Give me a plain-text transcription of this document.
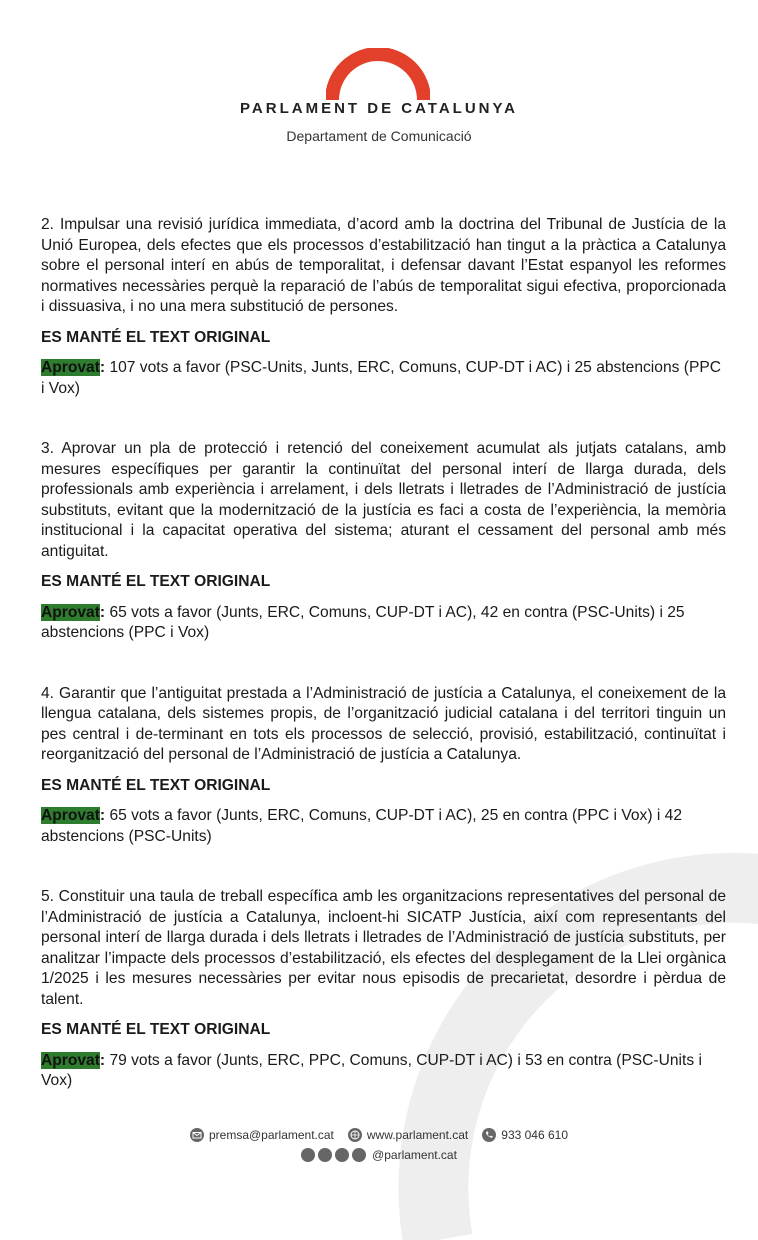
PARLAMENT DE CATALUNYA
Departament de Comunicació

2. Impulsar una revisió jurídica immediata, d’acord amb la doctrina del Tribunal de Justícia de la Unió Europea, dels efectes que els processos d’estabilització han tingut a la pràctica a Catalunya sobre el personal interí en abús de temporalitat, i defensar davant l’Estat espanyol les reformes normatives necessàries perquè la reparació de l’abús de temporalitat sigui efectiva, proporcionada i dissuasiva, i no una mera substitució de persones.

ES MANTÉ EL TEXT ORIGINAL

Aprovat: 107 vots a favor (PSC-Units, Junts, ERC, Comuns, CUP-DT i AC) i 25 abstencions (PPC i Vox)

3. Aprovar un pla de protecció i retenció del coneixement acumulat als jutjats catalans, amb mesures específiques per garantir la continuïtat del personal interí de llarga durada, dels professionals amb experiència i arrelament, i dels lletrats i lletrades de l’Administració de justícia substituts, evitant que la modernització de la justícia es faci a costa de l’experiència, la memòria institucional i la capacitat operativa del sistema; aturant el cessament del personal amb més antiguitat.

ES MANTÉ EL TEXT ORIGINAL

Aprovat: 65 vots a favor (Junts, ERC, Comuns, CUP-DT i AC), 42 en contra (PSC-Units) i 25 abstencions (PPC i Vox)

4. Garantir que l’antiguitat prestada a l’Administració de justícia a Catalunya, el coneixement de la llengua catalana, dels sistemes propis, de l’organització judicial catalana i del territori tinguin un pes central i de-terminant en tots els processos de selecció, provisió, estabilització, continuïtat i reorganització del personal de l’Administració de justícia a Catalunya.

ES MANTÉ EL TEXT ORIGINAL

Aprovat: 65 vots a favor (Junts, ERC, Comuns, CUP-DT i AC), 25 en contra (PPC i Vox) i 42 abstencions (PSC-Units)

5. Constituir una taula de treball específica amb les organitzacions representatives del personal de l’Administració de justícia a Catalunya, incloent-hi SICATP Justícia, així com representants del personal interí de llarga durada i dels lletrats i lletrades de l’Administració de justícia substituts, per analitzar l’impacte dels processos d’estabilització, els efectes del desplegament de la Llei orgànica 1/2025 i les mesures necessàries per evitar nous episodis de precarietat, desordre i pèrdua de talent.

ES MANTÉ EL TEXT ORIGINAL

Aprovat: 79 vots a favor (Junts, ERC, PPC, Comuns, CUP-DT i AC) i 53 en contra (PSC-Units i Vox)

premsa@parlament.cat	www.parlament.cat	933 046 610
@parlament.cat
